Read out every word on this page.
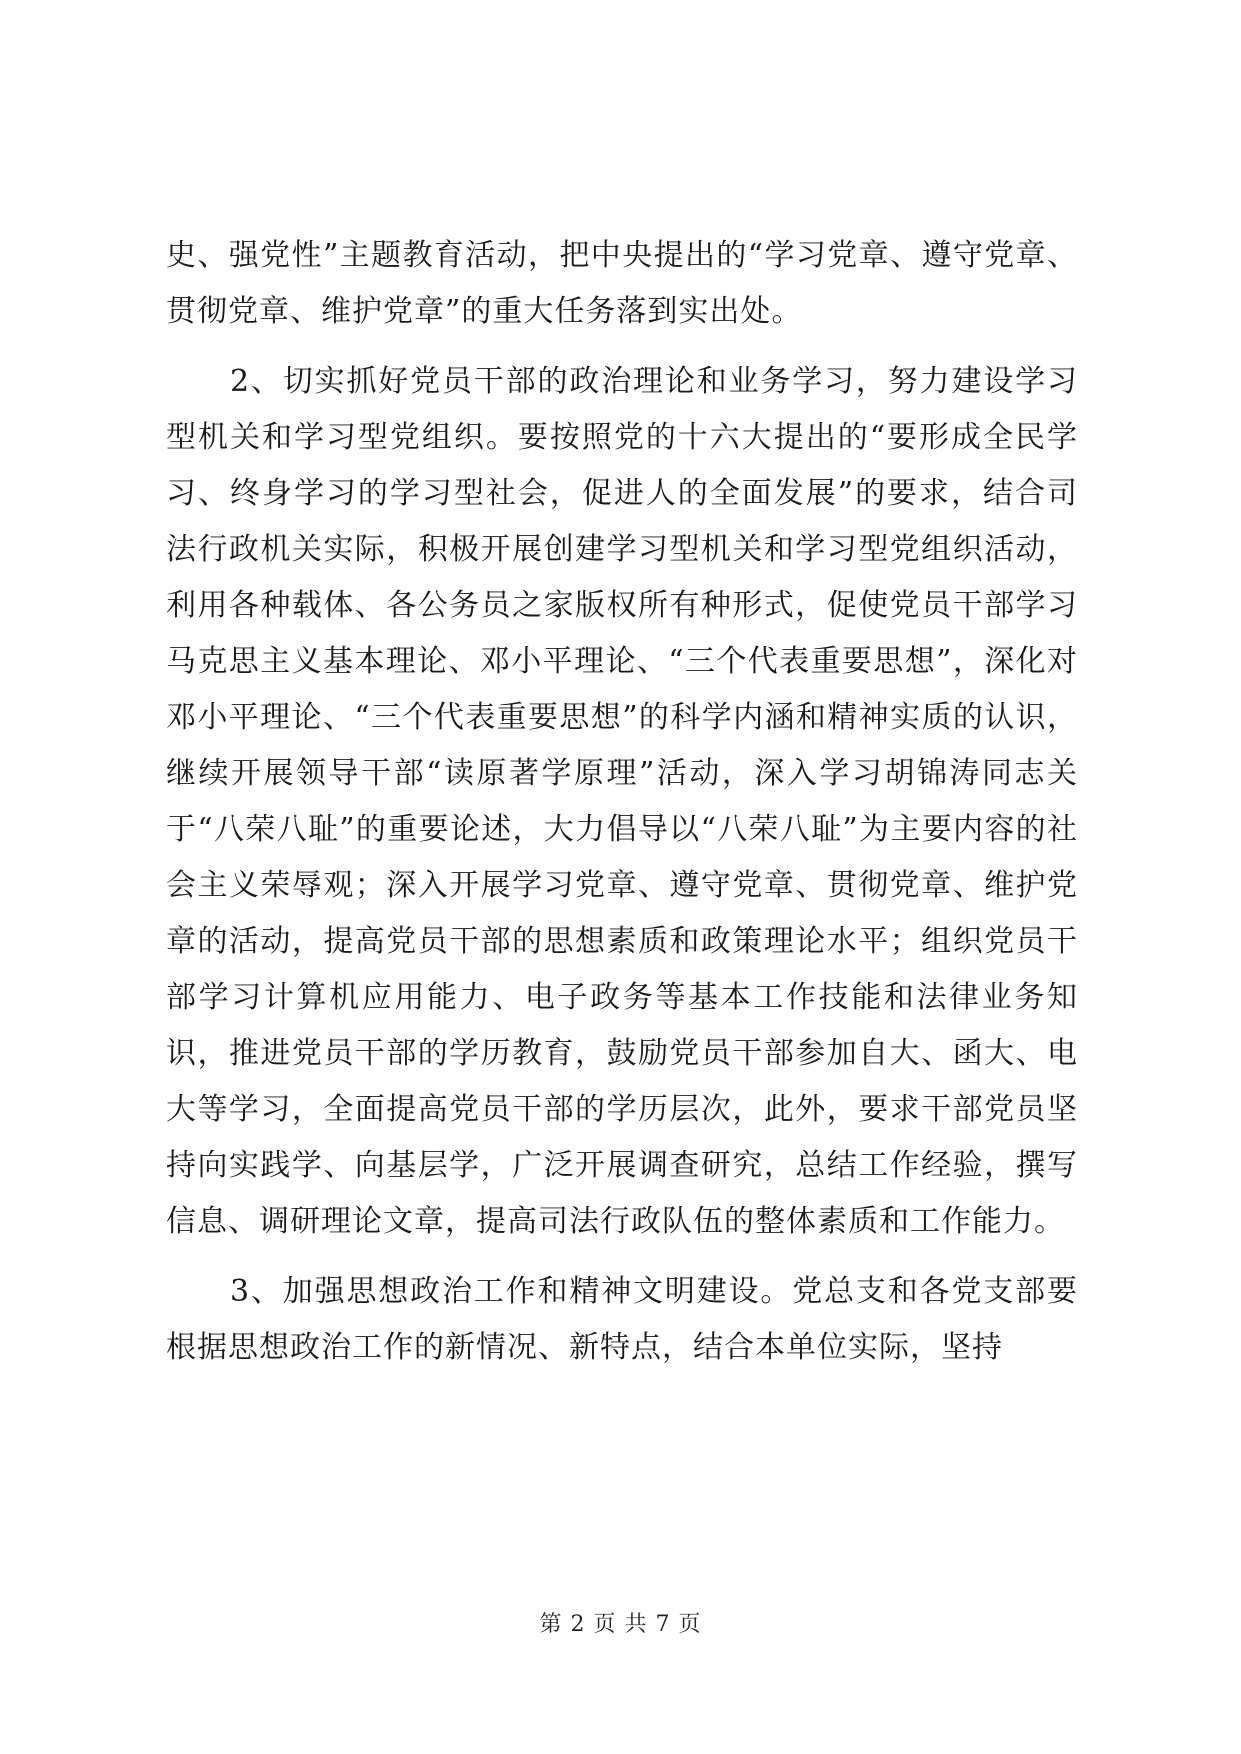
史、强党性”主题教育活动，把中央提出的“学习党章、遵守党章、贯彻党章、维护党章”的重大任务落到实出处。

2、切实抓好党员干部的政治理论和业务学习，努力建设学习型机关和学习型党组织。要按照党的十六大提出的“要形成全民学习、终身学习的学习型社会，促进人的全面发展”的要求，结合司法行政机关实际，积极开展创建学习型机关和学习型党组织活动，利用各种载体、各公务员之家版权所有种形式，促使党员干部学习马克思主义基本理论、邓小平理论、“三个代表重要思想”，深化对邓小平理论、“三个代表重要思想”的科学内涵和精神实质的认识，继续开展领导干部“读原著学原理”活动，深入学习胡锦涛同志关于“八荣八耻”的重要论述，大力倡导以“八荣八耻”为主要内容的社会主义荣辱观；深入开展学习党章、遵守党章、贯彻党章、维护党章的活动，提高党员干部的思想素质和政策理论水平；组织党员干部学习计算机应用能力、电子政务等基本工作技能和法律业务知识，推进党员干部的学历教育，鼓励党员干部参加自大、函大、电大等学习，全面提高党员干部的学历层次，此外，要求干部党员坚持向实践学、向基层学，广泛开展调查研究，总结工作经验，撰写信息、调研理论文章，提高司法行政队伍的整体素质和工作能力。

3、加强思想政治工作和精神文明建设。党总支和各党支部要根据思想政治工作的新情况、新特点，结合本单位实际，坚持

第 2 页 共 7 页
